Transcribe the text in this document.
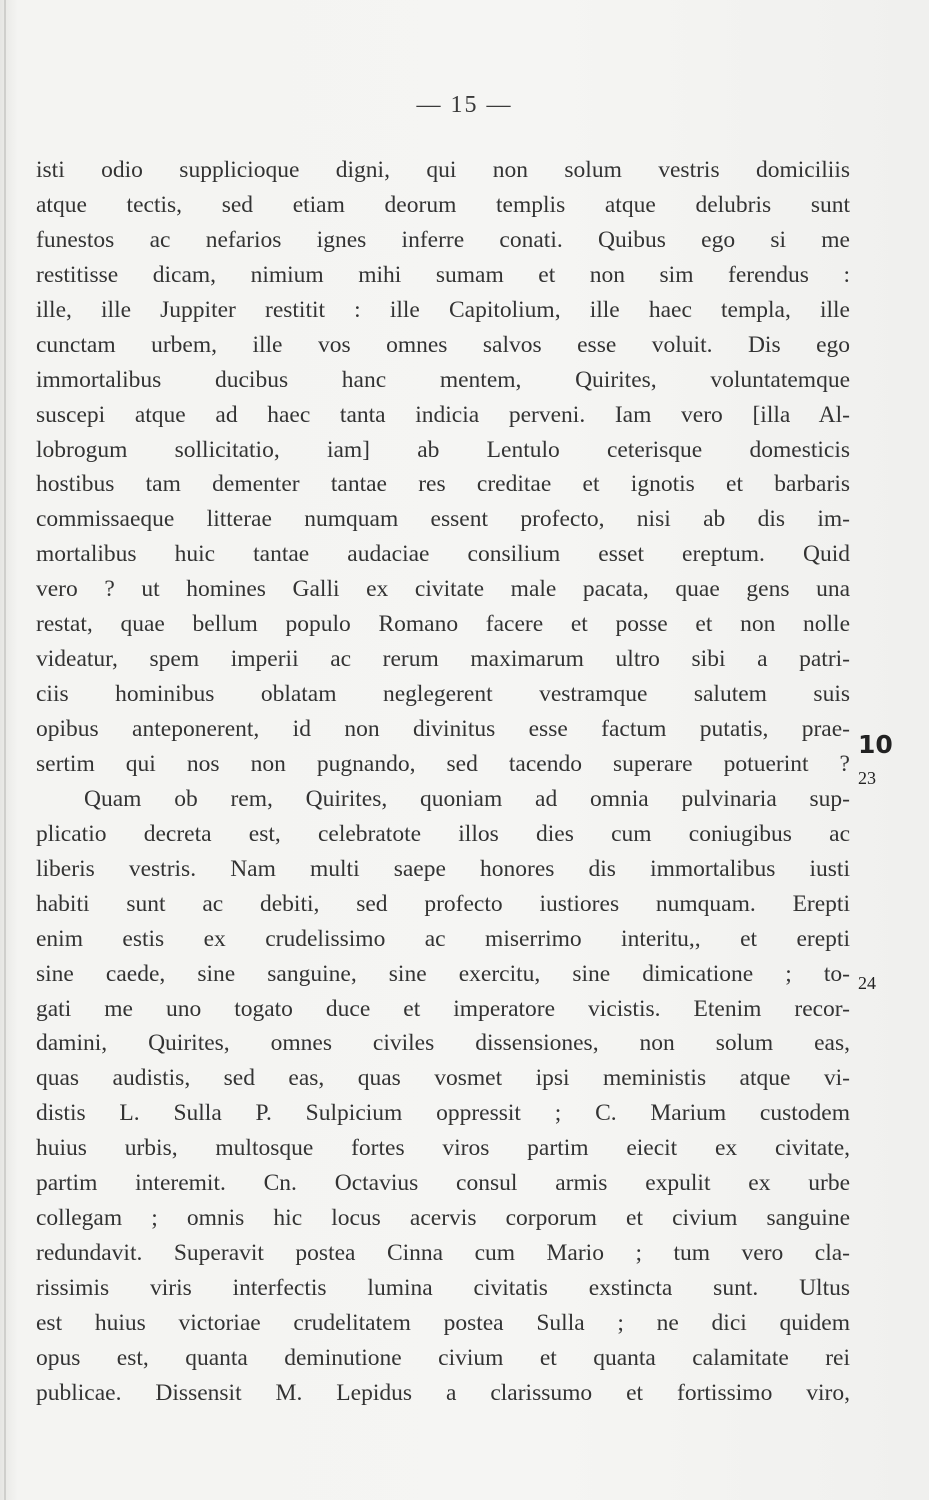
— 15 —
isti odio supplicioque digni, qui non solum vestris domiciliis
atque tectis, sed etiam deorum templis atque delubris sunt
funestos ac nefarios ignes inferre conati. Quibus ego si me
restitisse dicam, nimium mihi sumam et non sim ferendus :
ille, ille Juppiter restitit : ille Capitolium, ille haec templa, ille
cunctam urbem, ille vos omnes salvos esse voluit. Dis ego
immortalibus ducibus hanc mentem, Quirites, voluntatemque
suscepi atque ad haec tanta indicia perveni. Iam vero [illa Al-
lobrogum sollicitatio, iam] ab Lentulo ceterisque domesticis
hostibus tam dementer tantae res creditae et ignotis et barbaris
commissaeque litterae numquam essent profecto, nisi ab dis im-
mortalibus huic tantae audaciae consilium esset ereptum. Quid
vero ? ut homines Galli ex civitate male pacata, quae gens una
restat, quae bellum populo Romano facere et posse et non nolle
videatur, spem imperii ac rerum maximarum ultro sibi a patri-
ciis hominibus oblatam neglegerent vestramque salutem suis
opibus anteponerent, id non divinitus esse factum putatis, prae-
sertim qui nos non pugnando, sed tacendo superare potuerint ?
Quam ob rem, Quirites, quoniam ad omnia pulvinaria sup-
plicatio decreta est, celebratote illos dies cum coniugibus ac
liberis vestris. Nam multi saepe honores dis immortalibus iusti
habiti sunt ac debiti, sed profecto iustiores numquam. Erepti
enim estis ex crudelissimo ac miserrimo interitu,, et erepti
sine caede, sine sanguine, sine exercitu, sine dimicatione ; to-
gati me uno togato duce et imperatore vicistis. Etenim recor-
damini, Quirites, omnes civiles dissensiones, non solum eas,
quas audistis, sed eas, quas vosmet ipsi meministis atque vi-
distis L. Sulla P. Sulpicium oppressit ; C. Marium custodem
huius urbis, multosque fortes viros partim eiecit ex civitate,
partim interemit. Cn. Octavius consul armis expulit ex urbe
collegam ; omnis hic locus acervis corporum et civium sanguine
redundavit. Superavit postea Cinna cum Mario ; tum vero cla-
rissimis viris interfectis lumina civitatis exstincta sunt. Ultus
est huius victoriae crudelitatem postea Sulla ; ne dici quidem
opus est, quanta deminutione civium et quanta calamitate rei
publicae. Dissensit M. Lepidus a clarissumo et fortissimo viro,
10
23
24
